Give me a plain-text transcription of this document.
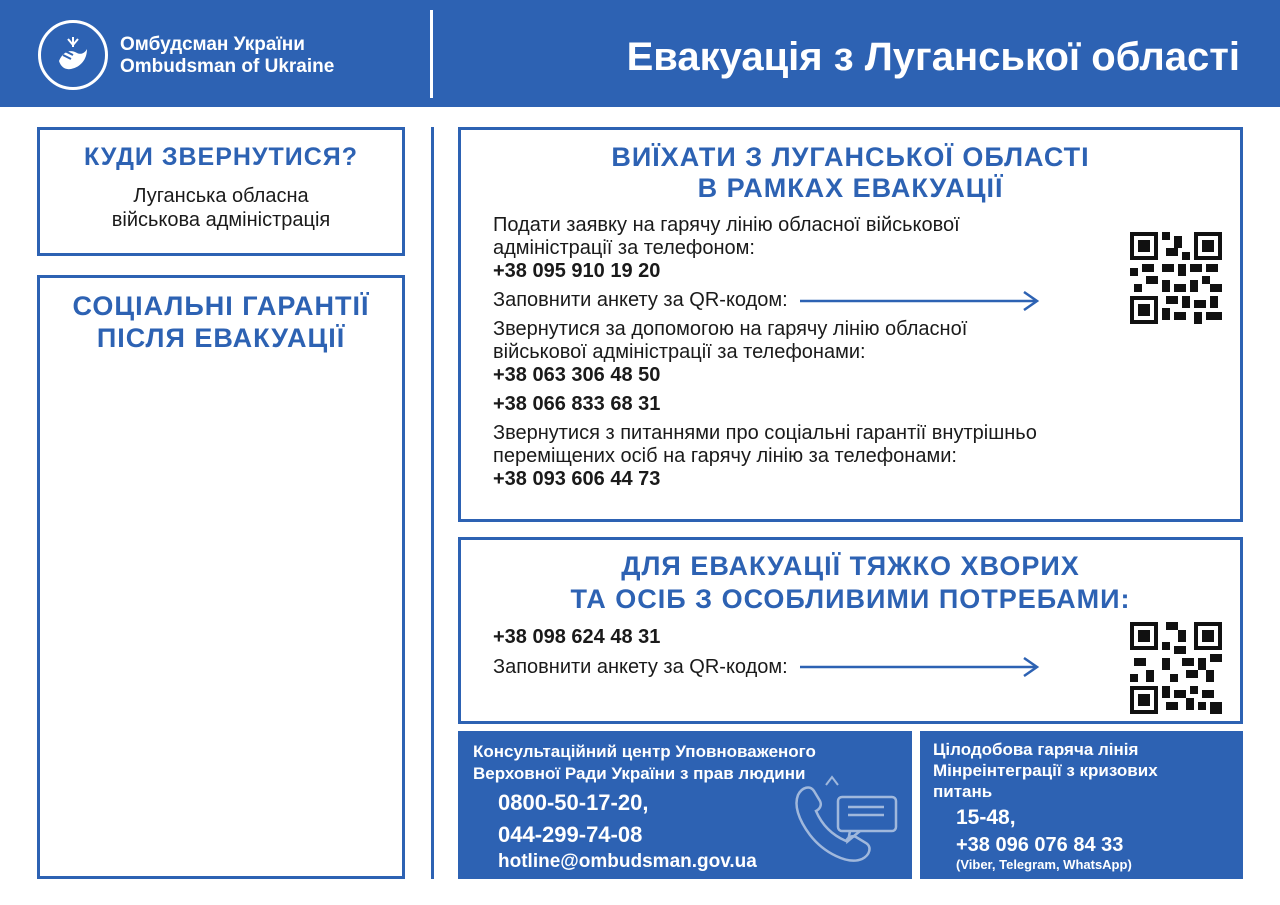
Омбудсман України
Ombudsman of Ukraine	Евакуація з Луганської області
КУДИ ЗВЕРНУТИСЯ?
Луганська обласна
військова адміністрація
СОЦІАЛЬНІ ГАРАНТІЇ
ПІСЛЯ ЕВАКУАЦІЇ
ВИЇХАТИ З ЛУГАНСЬКОЇ ОБЛАСТІ
В РАМКАХ ЕВАКУАЦІЇ
Подати заявку на гарячу лінію обласної військової
адміністрації за телефоном:
+38 095 910 19 20
Заповнити анкету за QR-кодом:
Звернутися за допомогою на гарячу лінію обласної
військової адміністрації за телефонами:
+38 063 306 48 50
+38 066 833 68 31
Звернутися з питаннями про соціальні гарантії внутрішньо
переміщених осіб на гарячу лінію за телефонами:
+38 093 606 44 73
ДЛЯ ЕВАКУАЦІЇ ТЯЖКО ХВОРИХ
ТА ОСІБ З ОСОБЛИВИМИ ПОТРЕБАМИ:
+38 098 624 48 31
Заповнити анкету за QR-кодом:
Консультаційний центр Уповноваженого
Верховної Ради України з прав людини
0800-50-17-20,
044-299-74-08
hotline@ombudsman.gov.ua
Цілодобова гаряча лінія
Мінреінтеграції з кризових
питань
15-48,
+38 096 076 84 33
(Viber, Telegram, WhatsApp)
